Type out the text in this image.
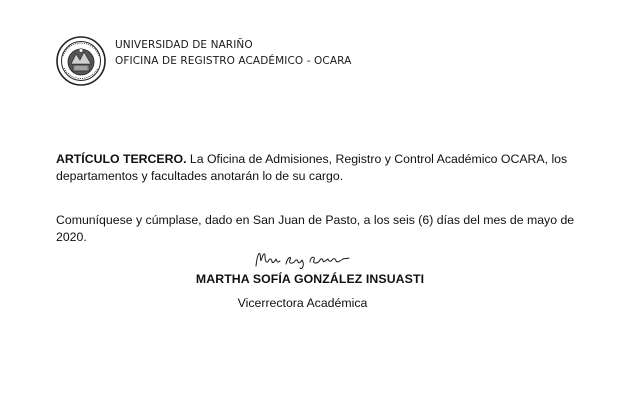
UNIVERSIDAD DE NARIÑO
OFICINA DE REGISTRO ACADÉMICO - OCARA
ARTÍCULO TERCERO. La Oficina de Admisiones, Registro y Control Académico OCARA, los departamentos y facultades anotarán lo de su cargo.
Comuníquese y cúmplase, dado en San Juan de Pasto, a los seis (6) días del mes de mayo de 2020.
MARTHA SOFÍA GONZÁLEZ INSUASTI
Vicerrectora Académica
